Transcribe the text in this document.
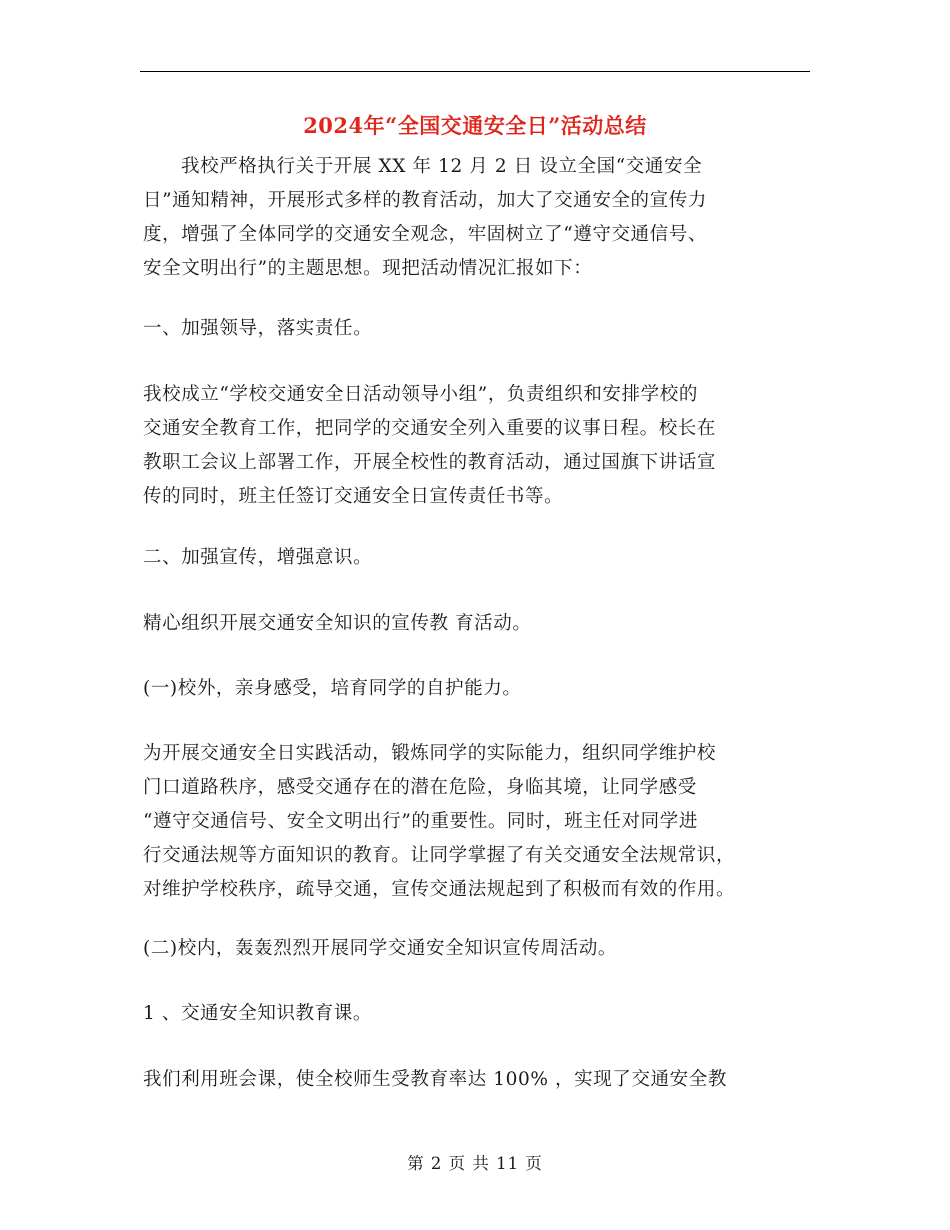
2024年“全国交通安全日”活动总结
我校严格执行关于开展 XX 年 12 月 2 日 设立全国“交通安全
日”通知精神，开展形式多样的教育活动，加大了交通安全的宣传力
度，增强了全体同学的交通安全观念，牢固树立了“遵守交通信号、
安全文明出行”的主题思想。现把活动情况汇报如下：
一、加强领导，落实责任。
我校成立“学校交通安全日活动领导小组”，负责组织和安排学校的
交通安全教育工作，把同学的交通安全列入重要的议事日程。校长在
教职工会议上部署工作，开展全校性的教育活动，通过国旗下讲话宣
传的同时，班主任签订交通安全日宣传责任书等。
二、加强宣传，增强意识。
精心组织开展交通安全知识的宣传教 育活动。
(一)校外，亲身感受，培育同学的自护能力。
为开展交通安全日实践活动，锻炼同学的实际能力，组织同学维护校
门口道路秩序，感受交通存在的潜在危险，身临其境，让同学感受
“遵守交通信号、安全文明出行”的重要性。同时，班主任对同学进
行交通法规等方面知识的教育。让同学掌握了有关交通安全法规常识，
对维护学校秩序，疏导交通，宣传交通法规起到了积极而有效的作用。
(二)校内，轰轰烈烈开展同学交通安全知识宣传周活动。
1 、交通安全知识教育课。
我们利用班会课，使全校师生受教育率达 100% ，实现了交通安全教
第 2 页 共 11 页
